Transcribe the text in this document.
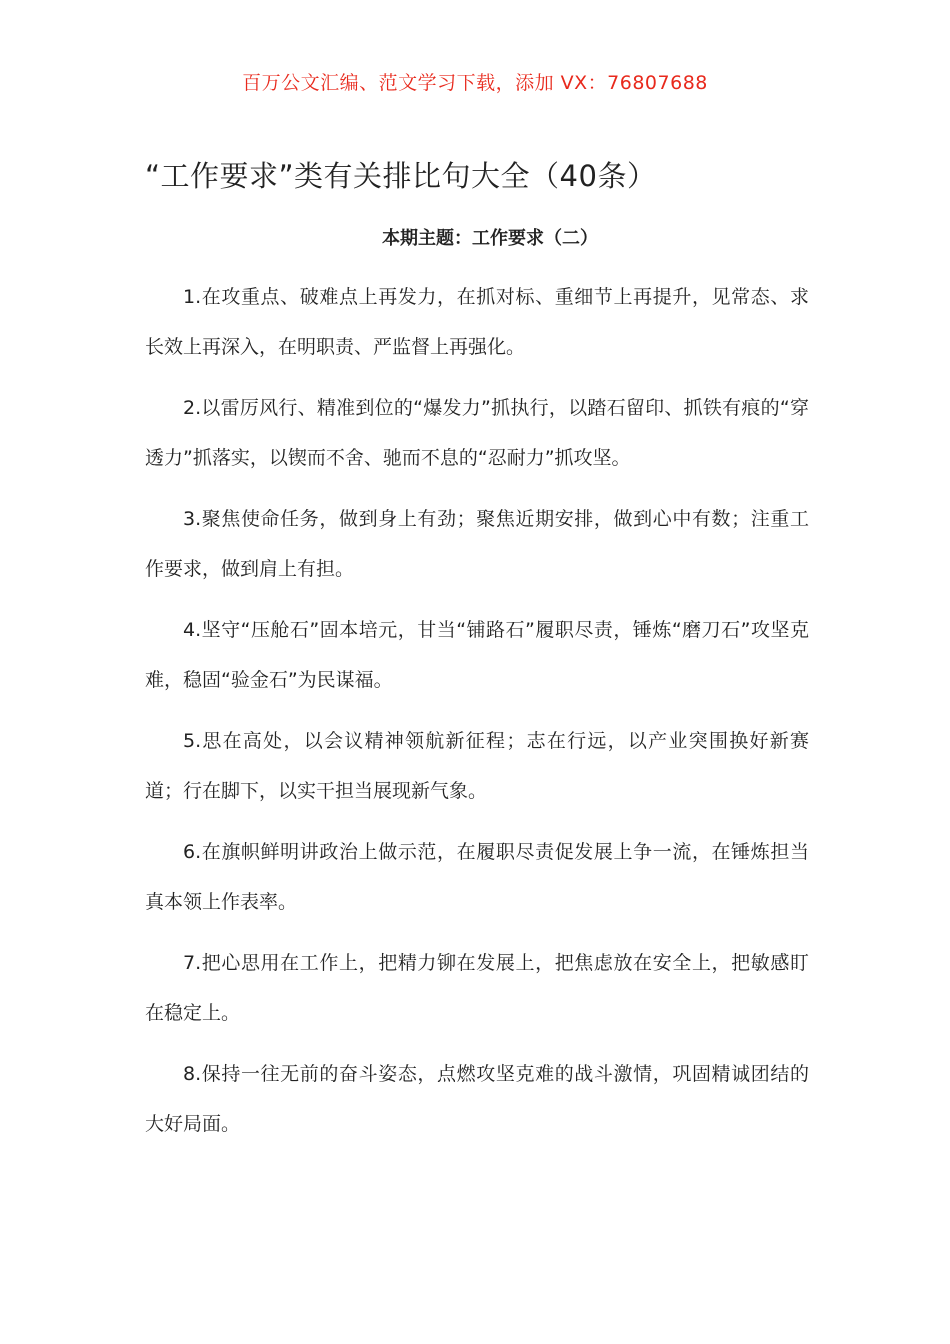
百万公文汇编、范文学习下载，添加 VX：76807688
“工作要求”类有关排比句大全（40条）
本期主题：工作要求（二）

1.在攻重点、破难点上再发力，在抓对标、重细节上再提升，见常态、求长效上再深入，在明职责、严监督上再强化。

2.以雷厉风行、精准到位的“爆发力”抓执行，以踏石留印、抓铁有痕的“穿透力”抓落实，以锲而不舍、驰而不息的“忍耐力”抓攻坚。

3.聚焦使命任务，做到身上有劲；聚焦近期安排，做到心中有数；注重工作要求，做到肩上有担。

4.坚守“压舱石”固本培元，甘当“铺路石”履职尽责，锤炼“磨刀石”攻坚克难，稳固“验金石”为民谋福。

5.思在高处，以会议精神领航新征程；志在行远，以产业突围换好新赛道；行在脚下，以实干担当展现新气象。

6.在旗帜鲜明讲政治上做示范，在履职尽责促发展上争一流，在锤炼担当真本领上作表率。

7.把心思用在工作上，把精力铆在发展上，把焦虑放在安全上，把敏感盯在稳定上。

8.保持一往无前的奋斗姿态，点燃攻坚克难的战斗激情，巩固精诚团结的大好局面。
